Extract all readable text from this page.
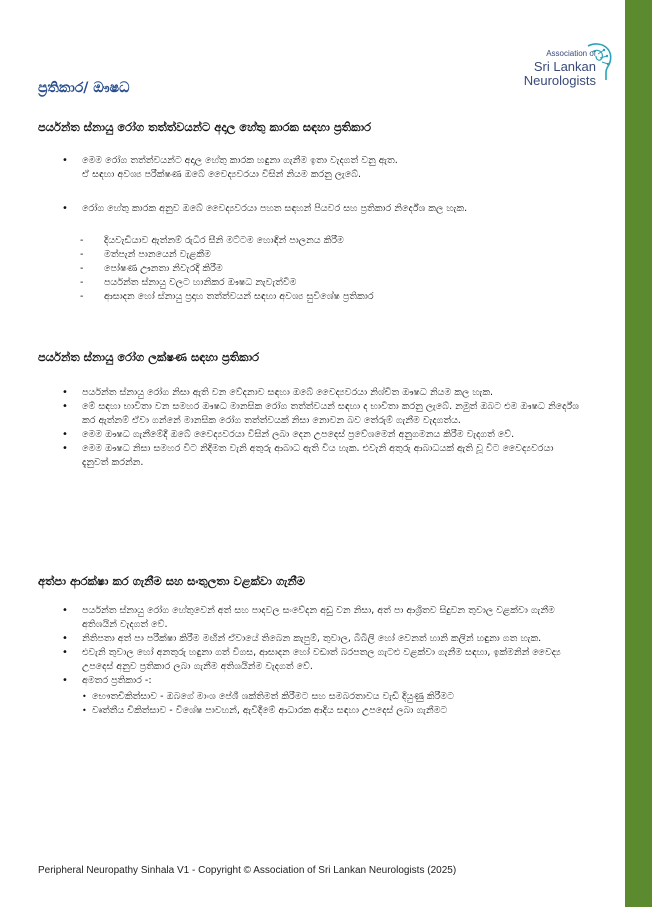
Association of
Sri Lankan
Neurologists
ප්‍රතිකාර/ ඖෂධ
පර්යන්ත ස්නායු රෝග තත්ත්වයන්ට අදාල හේතු කාරක සඳහා ප්‍රතිකාර
• මෙම රෝග තත්ත්වයන්ට අදාල හේතු කාරක හඳුනා ගැනීම ඉතා වැදගත් වනු ඇත.
ඒ සඳහා අවශ්‍ය පරීක්ෂණ ඔබේ වෛද්‍යවරයා විසින් නියම කරනු ලැබේ.
• රෝග හේතු කාරක අනුව ඔබේ වෛද්‍යවරයා පහත සඳහන් පියවර සහ ප්‍රතිකාර නිර්දේශ කල හැක.
- දියවැඩියාව ඇත්නම් රුධිර සීනි මට්ටම හොඳින් පාලනය කිරීම
- මත්පැන් පානයෙන් වැළකීම
- පෝෂණ ඌනතා නිවැරදි කිරීම
- පර්යන්ත ස්නායු වලට හානිකර ඖෂධ නැවැත්වීම
- ආසාදන හෝ ස්නායු ප්‍රදාහ තත්ත්වයන් සඳහා අවශ්‍ය සුවිශේෂ ප්‍රතිකාර
පර්යන්ත ස්නායු රෝග ලක්ෂණ සඳහා ප්‍රතිකාර
• පර්යන්ත ස්නායු රෝග නිසා ඇති වන වේදනාව සඳහා ඔබේ වෛද්‍යවරයා නිශ්චිත ඖෂධ නියම කල හැක.
• මේ සඳහා භාවිතා වන සමහර ඖෂධ මානසික රෝග තත්ත්වයන් සඳහා ද භාවිතා කරනු ලැබේ. නමුත් ඔබට එම ඖෂධ නිර්දේශ කර ඇත්නම් ඒවා ගන්නේ මානසික රෝග තත්ත්වයක් නිසා නොවන බව තේරුම් ගැනීම වැදගත්ය.
• මෙම ඖෂධ ගැනීමේදී ඔබේ වෛද්‍යවරයා විසින් ලබා දෙන උපදෙස් ප්‍රවේශමෙන් අනුගමනය කිරීම වැදගත් වේ.
• මෙම ඖෂධ නිසා සමහර විට නිදිමත වැනි අතුරු ආබාධ ඇති විය හැක. එවැනි අතුරු ආබාධයක් ඇති වූ විට වෛද්‍යවරයා දැනුවත් කරන්න.
අත්පා ආරක්ෂා කර ගැනීම සහ සංතුලතා වළක්වා ගැනීම
• පර්යන්ත ස්නායු රෝග හේතුවෙන් අත් සහ පාදවල සංවේදන අඩු වන නිසා, අත් පා ආශ්‍රිතව සිදුවන තුවාල වළක්වා ගැනීම අතිශයින් වැදගත් වේ.
• නිතිපතා අත් පා පරීක්ෂා කිරීම මඟින් ඒවායේ තිබෙන කැපුම්, තුවාල, බිබිලි හෝ වෙනත් හානි කලින් හඳුනා ගත හැක.
• එවැනි තුවාල හෝ අනතුරු හඳුනා ගත් විගස, ආසාදන හෝ වඩාත් බරපතල ගැටළු වළක්වා ගැනීම සඳහා, ඉක්මනින් වෛද්‍ය උපදෙස් අනුව ප්‍රතිකාර ලබා ගැනීම අතිශයින්ම වැදගත් වේ.
• අමතර ප්‍රතිකාර -:
• භෞතචිකිත්සාව - ඔබගේ මාංශ පේශී ශක්තිමත් කිරීමට සහ සමබරතාවය වැඩි දියුණු කිරීමට
• වෘත්තීය චිකිත්සාව - විශේෂ පාවහන්, ඇවිදීමේ ආධාරක ආදිය සඳහා උපදෙස් ලබා ගැනීමට
Peripheral Neuropathy Sinhala V1 - Copyright © Association of Sri Lankan Neurologists (2025)
